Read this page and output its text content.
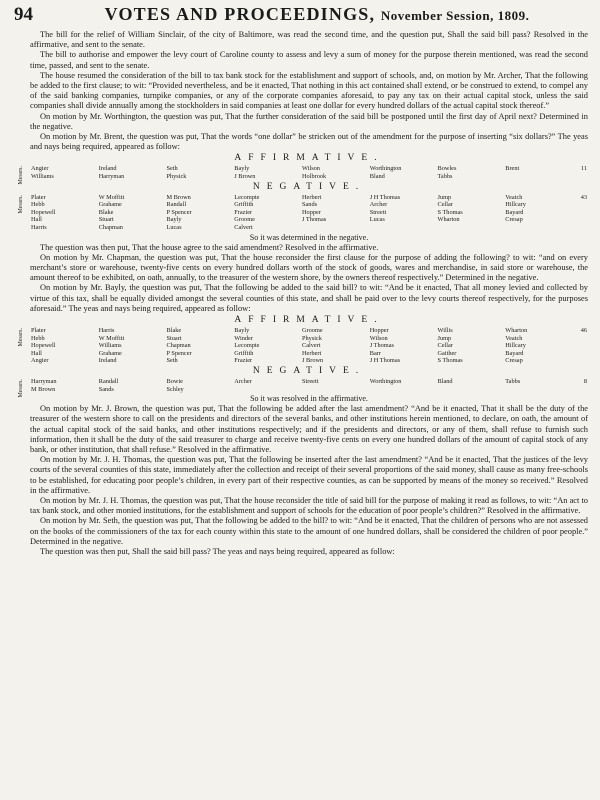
94	VOTES AND PROCEEDINGS, November Session, 1809.

The bill for the relief of William Sinclair, of the city of Baltimore, was read the second time, and the question put, Shall the said bill pass? Resolved in the affirmative, and sent to the senate.

The bill to authorise and empower the levy court of Caroline county to assess and levy a sum of money for the purpose therein mentioned, was read the second time, passed, and sent to the senate.

The house resumed the consideration of the bill to tax bank stock for the establishment and support of schools, and, on motion by Mr. Archer, That the following be added to the first clause; to wit: “Provided nevertheless, and be it enacted, That nothing in this act contained shall extend, or be construed to extend, to compel any of the said banking companies, turnpike companies, or any of the corporate companies aforesaid, to pay any tax on their actual capital stock, unless the said companies shall divide annually among the stockholders in said companies at least one dollar for every hundred dollars of the actual capital stock thereof.”

On motion by Mr. Worthington, the question was put, That the further consideration of the said bill be postponed until the first day of April next? Determined in the negative.

On motion by Mr. Brent, the question was put, That the words “one dollar” be stricken out of the amendment for the purpose of inserting “six dollars?” The yeas and nays being required, appeared as follow:

AFFIRMATIVE.
Messrs. Angier	Ireland	Seth	Bayly	Wilson	Worthington	Bowles	Brent	11
Williams	Harryman	Physick	J Brown	Holbrook	Bland	Tabbs		
NEGATIVE.
Messrs. Plater	W Moffitt	M Brown	Lecompte	Herbert	J H Thomas	Jump	Veatch	43
Hebb	Grahame	Randall	Griffith	Sands	Archer	Cellar	Hillcary	
Hopewell	Blake	P Spencer	Frazier	Hopper	Streett	S Thomas	Bayard	
Hall	Stuart	Bayly	Groome	J Thomas	Lucas	Wharton	Cresap	
Harris	Chapman	Lucas	Calvert					

So it was determined in the negative.

The question was then put, That the house agree to the said amendment? Resolved in the affirmative.

On motion by Mr. Chapman, the question was put, That the house reconsider the first clause for the purpose of adding the following? to wit: “and on every merchant’s store or warehouse, twenty-five cents on every hundred dollars worth of the stock of goods, wares and merchandise, in said store or warehouse, the amount thereof to be exhibited, on oath, annually, to the treasurer of the western shore, by the owners thereof respectively.” Determined in the negative.

On motion by Mr. Bayly, the question was put, That the following be added to the said bill? to wit: “And be it enacted, That all money levied and collected by virtue of this tax, shall be equally divided amongst the several counties of this state, and shall be paid over to the levy courts thereof respectively, for the purposes aforesaid.” The yeas and nays being required, appeared as follow:

AFFIRMATIVE.
Messrs. Plater	Harris	Blake	Bayly	Groome	Hopper	Willis	Wharton	46
Hebb	W Moffitt	Stuart	Winder	Physick	Wilson	Jump	Veatch	
Hopewell	Williams	Chapman	Lecompte	Calvert	J Thomas	Cellar	Hillcary	
Hall	Grahame	P Spencer	Griffith	Herbert	Barr	Gaither	Bayard	
Angier	Ireland	Seth	Frazier	J Brown	J H Thomas	S Thomas	Cresap	
NEGATIVE.
Messrs. Harryman	Randall	Bowie	Archer	Streett	Worthington	Bland	Tabbs	8
M Brown	Sands	Schley						

So it was resolved in the affirmative.

On motion by Mr. J. Brown, the question was put, That the following be added after the last amendment? “And be it enacted, That it shall be the duty of the treasurer of the western shore to call on the presidents and directors of the several banks, and other institutions herein mentioned, to declare, on oath, the amount of the actual capital stock of the said banks, and other institutions respectively; and if the presidents and directors, or any of them, shall refuse to furnish such information, then it shall be the duty of the said treasurer to charge and receive twenty-five cents on every one hundred dollars of the amount of capital stock of any bank, or other institution, that shall refuse.” Resolved in the affirmative.

On motion by Mr. J. H. Thomas, the question was put, That the following be inserted after the last amendment? “And be it enacted, That the justices of the levy courts of the several counties of this state, immediately after the collection and receipt of their several proportions of the said money, shall cause as many free-schools to be established, for educating poor people’s children, in every part of their respective counties, as can be supported by means of the money so received.” Resolved in the affirmative.

On motion by Mr. J. H. Thomas, the question was put, That the house reconsider the title of said bill for the purpose of making it read as follows, to wit: “An act to tax bank stock, and other monied institutions, for the establishment and support of schools for the education of poor people’s children?” Resolved in the affirmative.

On motion by Mr. Seth, the question was put, That the following be added to the bill? to wit: “And be it enacted, That the children of persons who are not assessed on the books of the commissioners of the tax for each county within this state to the amount of one hundred dollars, shall be considered the children of poor people.” Determined in the negative.

The question was then put, Shall the said bill pass? The yeas and nays being required, appeared as follow:
